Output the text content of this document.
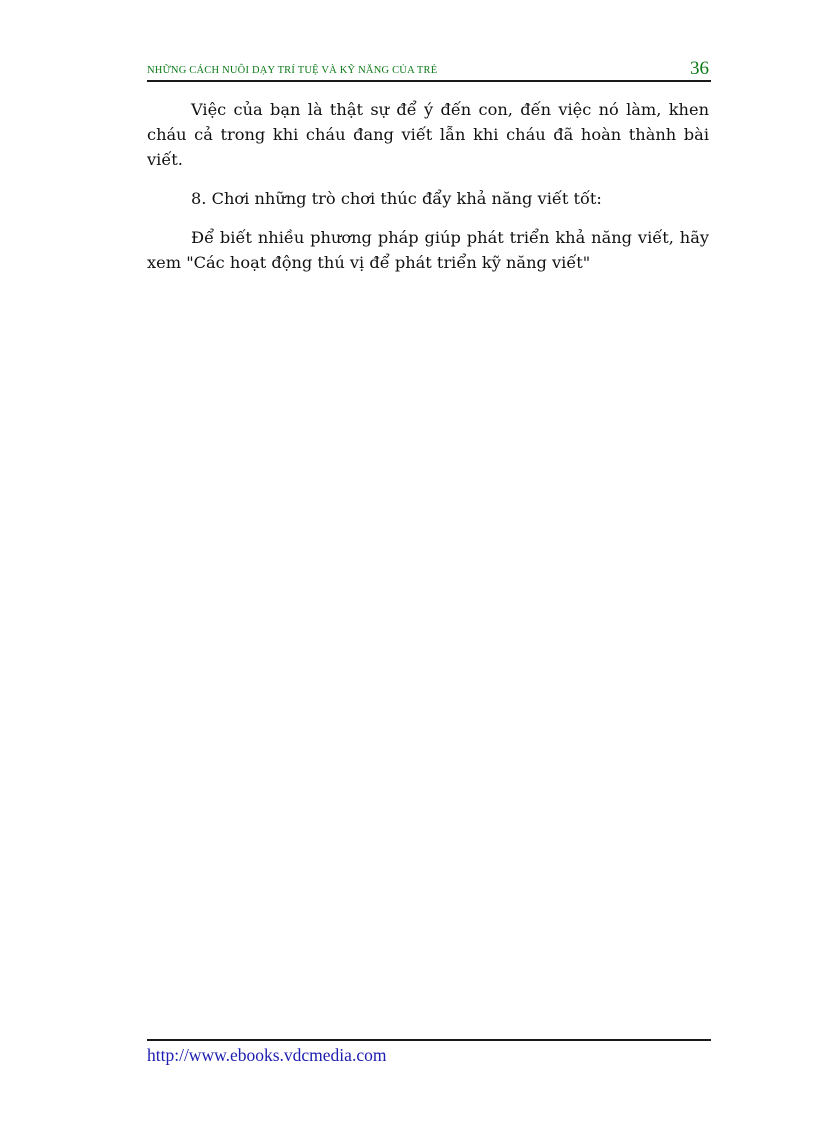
NHỮNG CÁCH NUÔI DẠY TRÍ TUỆ VÀ KỸ NĂNG CỦA TRẺ	36

Việc của bạn là thật sự để ý đến con, đến việc nó làm, khen cháu cả trong khi cháu đang viết lẫn khi cháu đã hoàn thành bài viết.

8. Chơi những trò chơi thúc đẩy khả năng viết tốt:

Để biết nhiều phương pháp giúp phát triển khả năng viết, hãy xem "Các hoạt động thú vị để phát triển kỹ năng viết"

http://www.ebooks.vdcmedia.com
